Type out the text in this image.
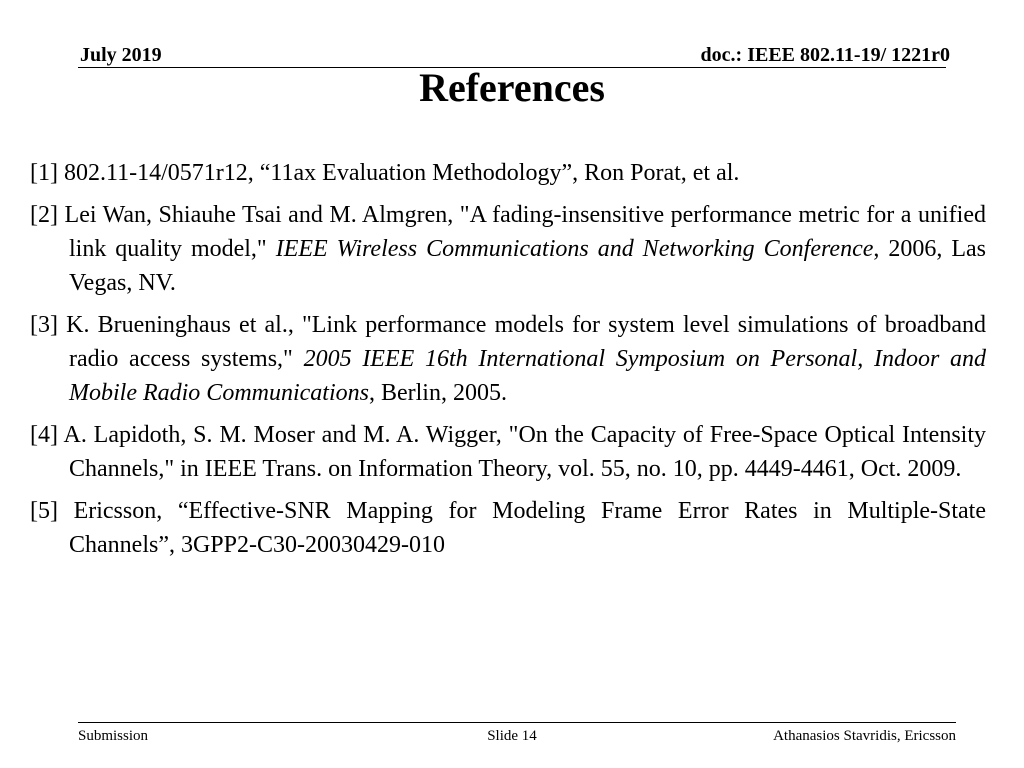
July 2019	doc.: IEEE 802.11-19/ 1221r0
References

[1] 802.11-14/0571r12, “11ax Evaluation Methodology”, Ron Porat, et al.

[2] Lei Wan, Shiauhe Tsai and M. Almgren, "A fading-insensitive performance metric for a unified link quality model," IEEE Wireless Communications and Networking Conference, 2006, Las Vegas, NV.

[3] K. Brueninghaus et al., "Link performance models for system level simulations of broadband radio access systems," 2005 IEEE 16th International Symposium on Personal, Indoor and Mobile Radio Communications, Berlin, 2005.

[4] A. Lapidoth, S. M. Moser and M. A. Wigger, "On the Capacity of Free-Space Optical Intensity Channels," in IEEE Trans. on Information Theory, vol. 55, no. 10, pp. 4449-4461, Oct. 2009.

[5] Ericsson, “Effective-SNR Mapping for Modeling Frame Error Rates in Multiple-State Channels”, 3GPP2-C30-20030429-010

Submission	Slide 14	Athanasios Stavridis, Ericsson
